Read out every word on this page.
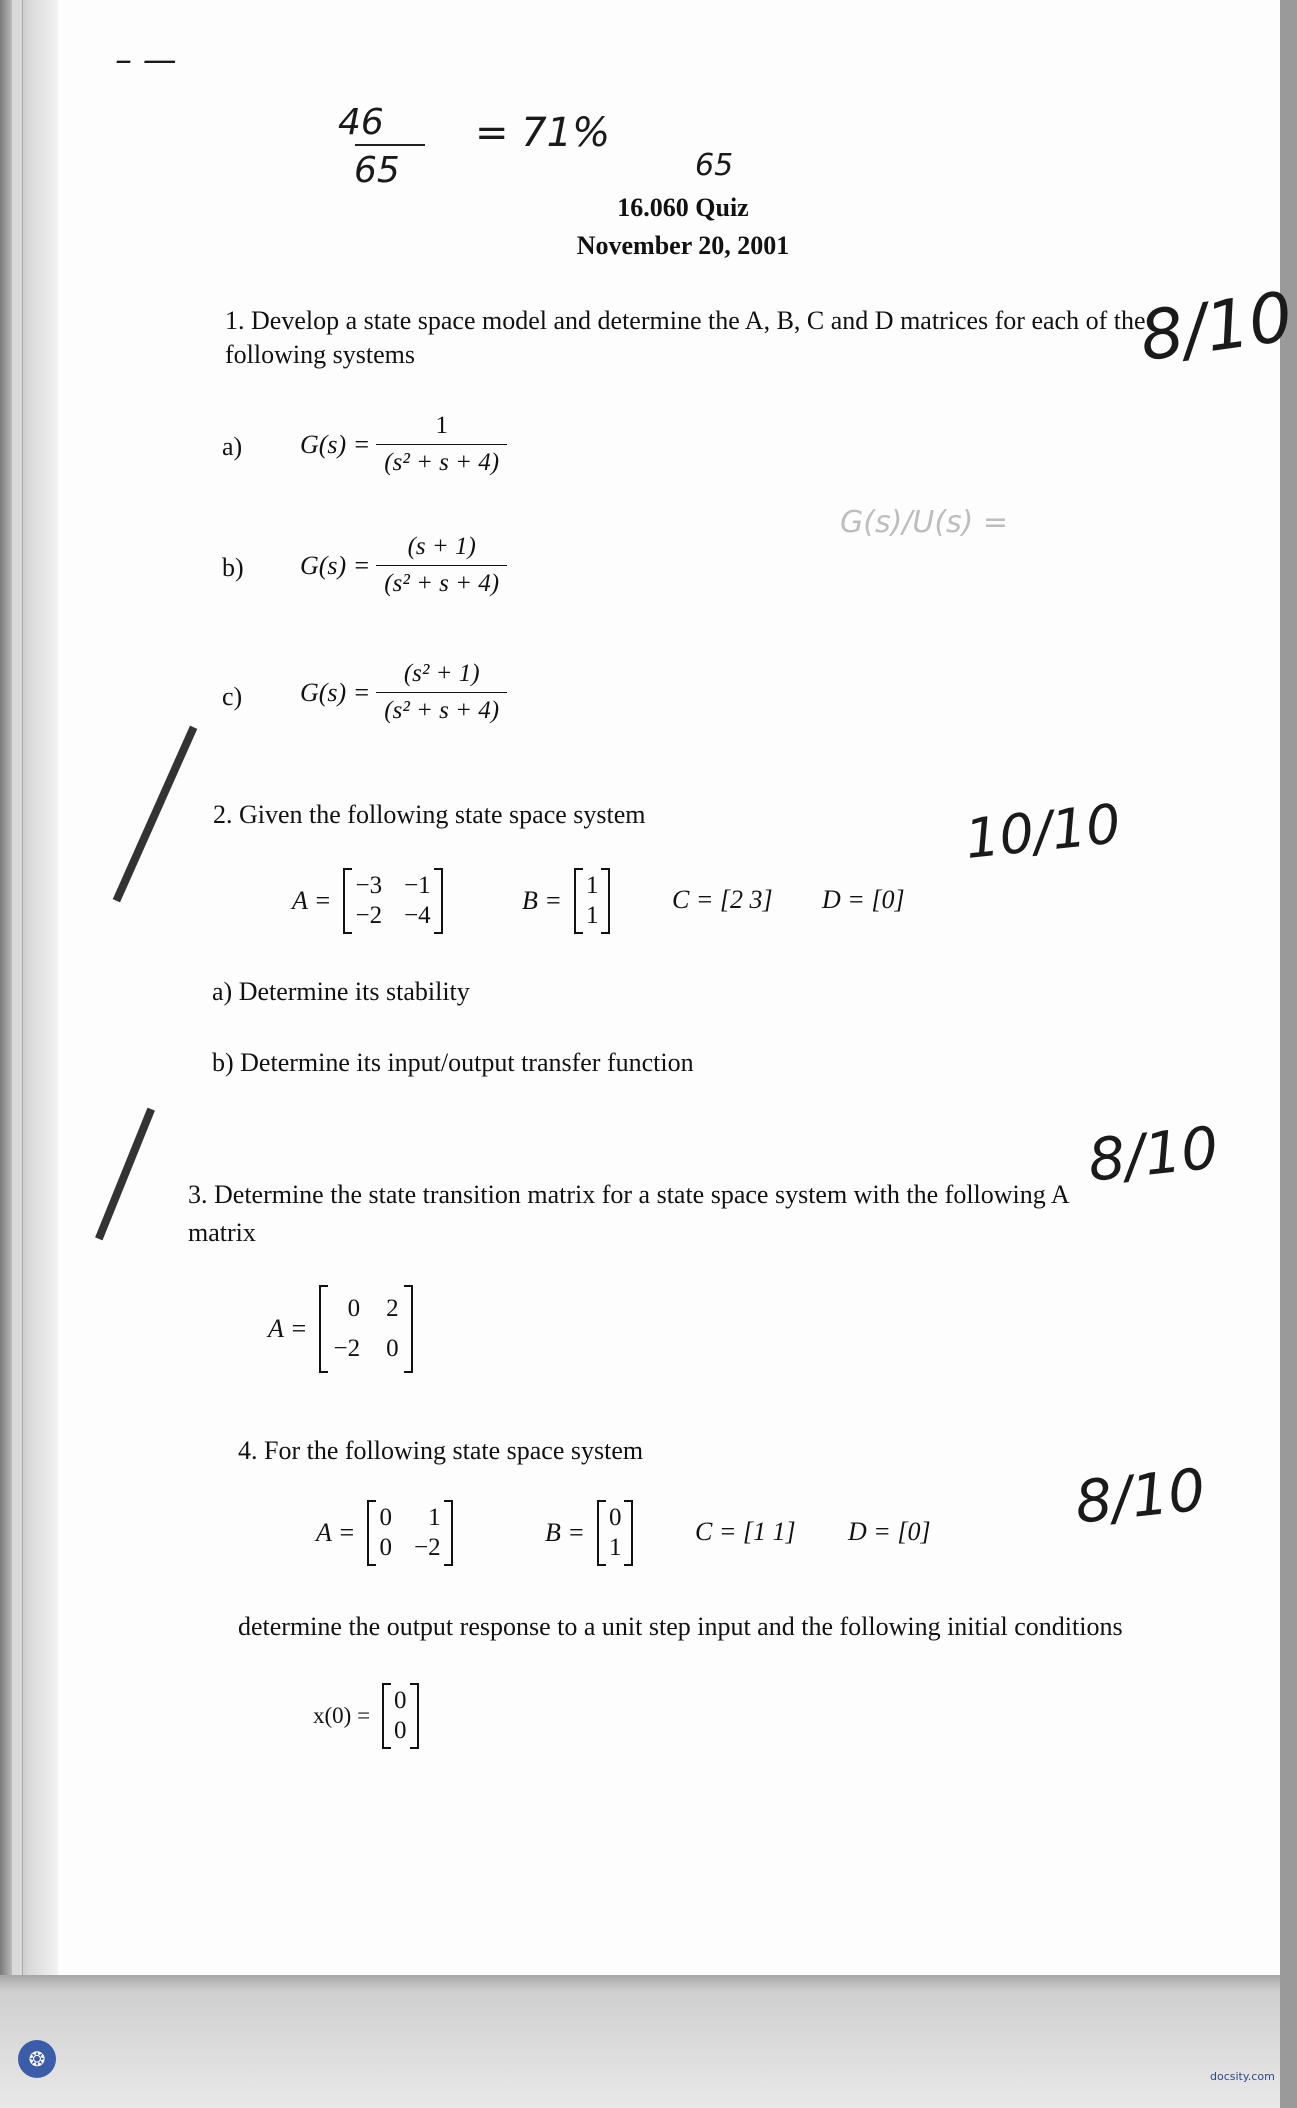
– —
46
65
= 71%
65
8/10
10/10
8/10
8/10
G(s)/U(s) =
16.060 Quiz
November 20, 2001
1. Develop a state space model and determine the A, B, C and D matrices for each of the
following systems
a) $G(s) = \frac{1}{\text{(s² + s + 4)}}$
b) $G(s) = \frac{(s + 1)}{\text{(s² + s + 4)}}$
c) $G(s) = \frac{\text{(s² + 1)}}{\text{(s² + s + 4)}}$
2. Given the following state space system
A =
−3 −1
−2 −4
B =
1
1
C = [2 3] D = [0]
a) Determine its stability
b) Determine its input/output transfer function
3. Determine the state transition matrix for a state space system with the following A
matrix
A =
0 2
−2 0
4. For the following state space system
A =
0	1
0 −2
B =
0
1
C = [1 1] D = [0]
determine the output response to a unit step input and the following initial conditions
x(0) =
0
0
❂
docsity.com
